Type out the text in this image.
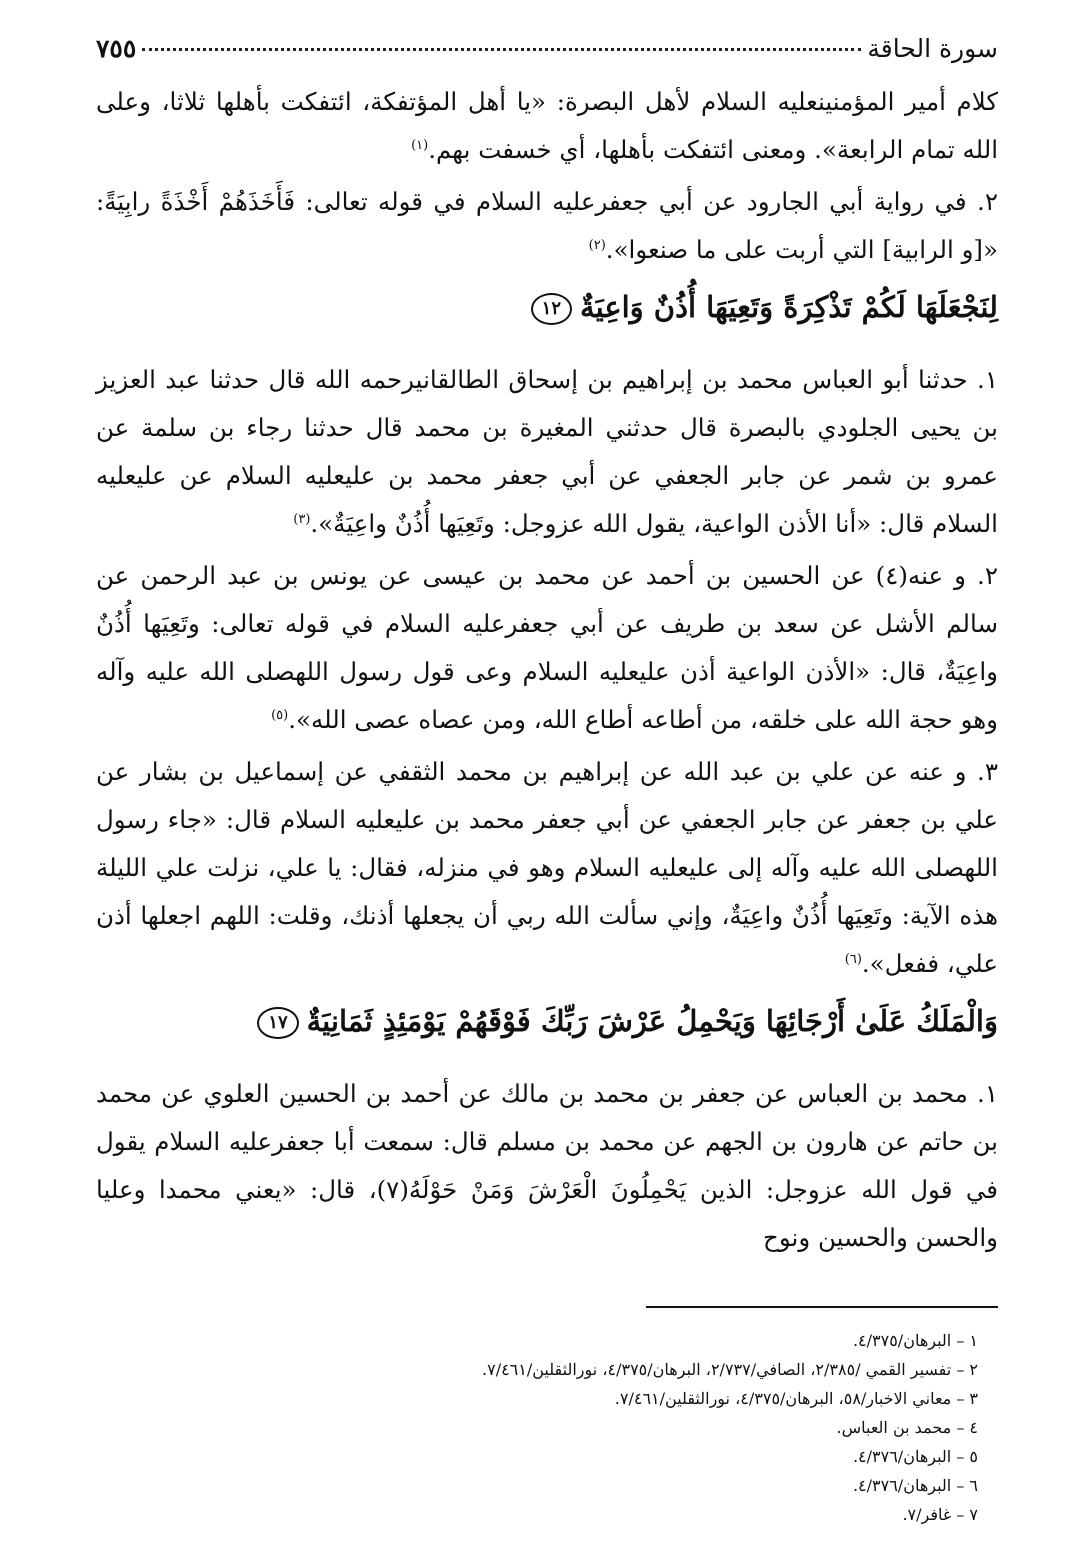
سورة الحاقة
٧٥٥

كلام أمير المؤمنينعليه السلام لأهل البصرة: «يا أهل المؤتفكة، ائتفكت بأهلها ثلاثا، وعلى الله تمام الرابعة». ومعنى ائتفكت بأهلها، أي خسفت بهم.$^{(١)}$

٢. في رواية أبي الجارود عن أبي جعفرعليه السلام في قوله تعالى: فَأَخَذَهُمْ أَخْذَةً رابِيَةً: «[و الرابية] التي أربت على ما صنعوا».$^{(٢)}$

لِنَجْعَلَهَا لَكُمْ تَذْكِرَةً وَتَعِيَهَا أُذُنٌ وَاعِيَةٌ١٢

١. حدثنا أبو العباس محمد بن إبراهيم بن إسحاق الطالقانيرحمه الله قال حدثنا عبد العزيز بن يحيى الجلودي بالبصرة قال حدثني المغيرة بن محمد قال حدثنا رجاء بن سلمة عن عمرو بن شمر عن جابر الجعفي عن أبي جعفر محمد بن عليعليه السلام عن عليعليه السلام قال: «أنا الأذن الواعية، يقول الله عزوجل: وتَعِيَها أُذُنٌ واعِيَةٌ».$^{(٣)}$

٢. و عنه(٤) عن الحسين بن أحمد عن محمد بن عيسى عن يونس بن عبد الرحمن عن سالم الأشل عن سعد بن طريف عن أبي جعفرعليه السلام في قوله تعالى: وتَعِيَها أُذُنٌ واعِيَةٌ، قال: «الأذن الواعية أذن عليعليه السلام وعى قول رسول اللهصلى الله عليه وآله وهو حجة الله على خلقه، من أطاعه أطاع الله، ومن عصاه عصى الله».$^{(٥)}$

٣. و عنه عن علي بن عبد الله عن إبراهيم بن محمد الثقفي عن إسماعيل بن بشار عن علي بن جعفر عن جابر الجعفي عن أبي جعفر محمد بن عليعليه السلام قال: «جاء رسول اللهصلى الله عليه وآله إلى عليعليه السلام وهو في منزله، فقال: يا علي، نزلت علي الليلة هذه الآية: وتَعِيَها أُذُنٌ واعِيَةٌ، وإني سألت الله ربي أن يجعلها أذنك، وقلت: اللهم اجعلها أذن علي، ففعل».$^{(٦)}$

وَالْمَلَكُ عَلَىٰ أَرْجَائِهَا وَيَحْمِلُ عَرْشَ رَبِّكَ فَوْقَهُمْ يَوْمَئِذٍ ثَمَانِيَةٌ١٧

١. محمد بن العباس عن جعفر بن محمد بن مالك عن أحمد بن الحسين العلوي عن محمد بن حاتم عن هارون بن الجهم عن محمد بن مسلم قال: سمعت أبا جعفرعليه السلام يقول في قول الله عزوجل: الذين يَحْمِلُونَ الْعَرْشَ وَمَنْ حَوْلَهُ(٧)، قال: «يعني محمدا وعليا والحسن والحسين ونوح

١ – البرهان/٤/٣٧٥.
٢ – تفسير القمي /٢/٣٨٥، الصافي/٢/٧٣٧، البرهان/٤/٣٧٥، نورالثقلين/٧/٤٦١.
٣ – معاني الاخبار/٥٨، البرهان/٤/٣٧٥، نورالثقلين/٧/٤٦١.
٤ – محمد بن العباس.
٥ – البرهان/٤/٣٧٦.
٦ – البرهان/٤/٣٧٦.
٧ – غافر/٧.
